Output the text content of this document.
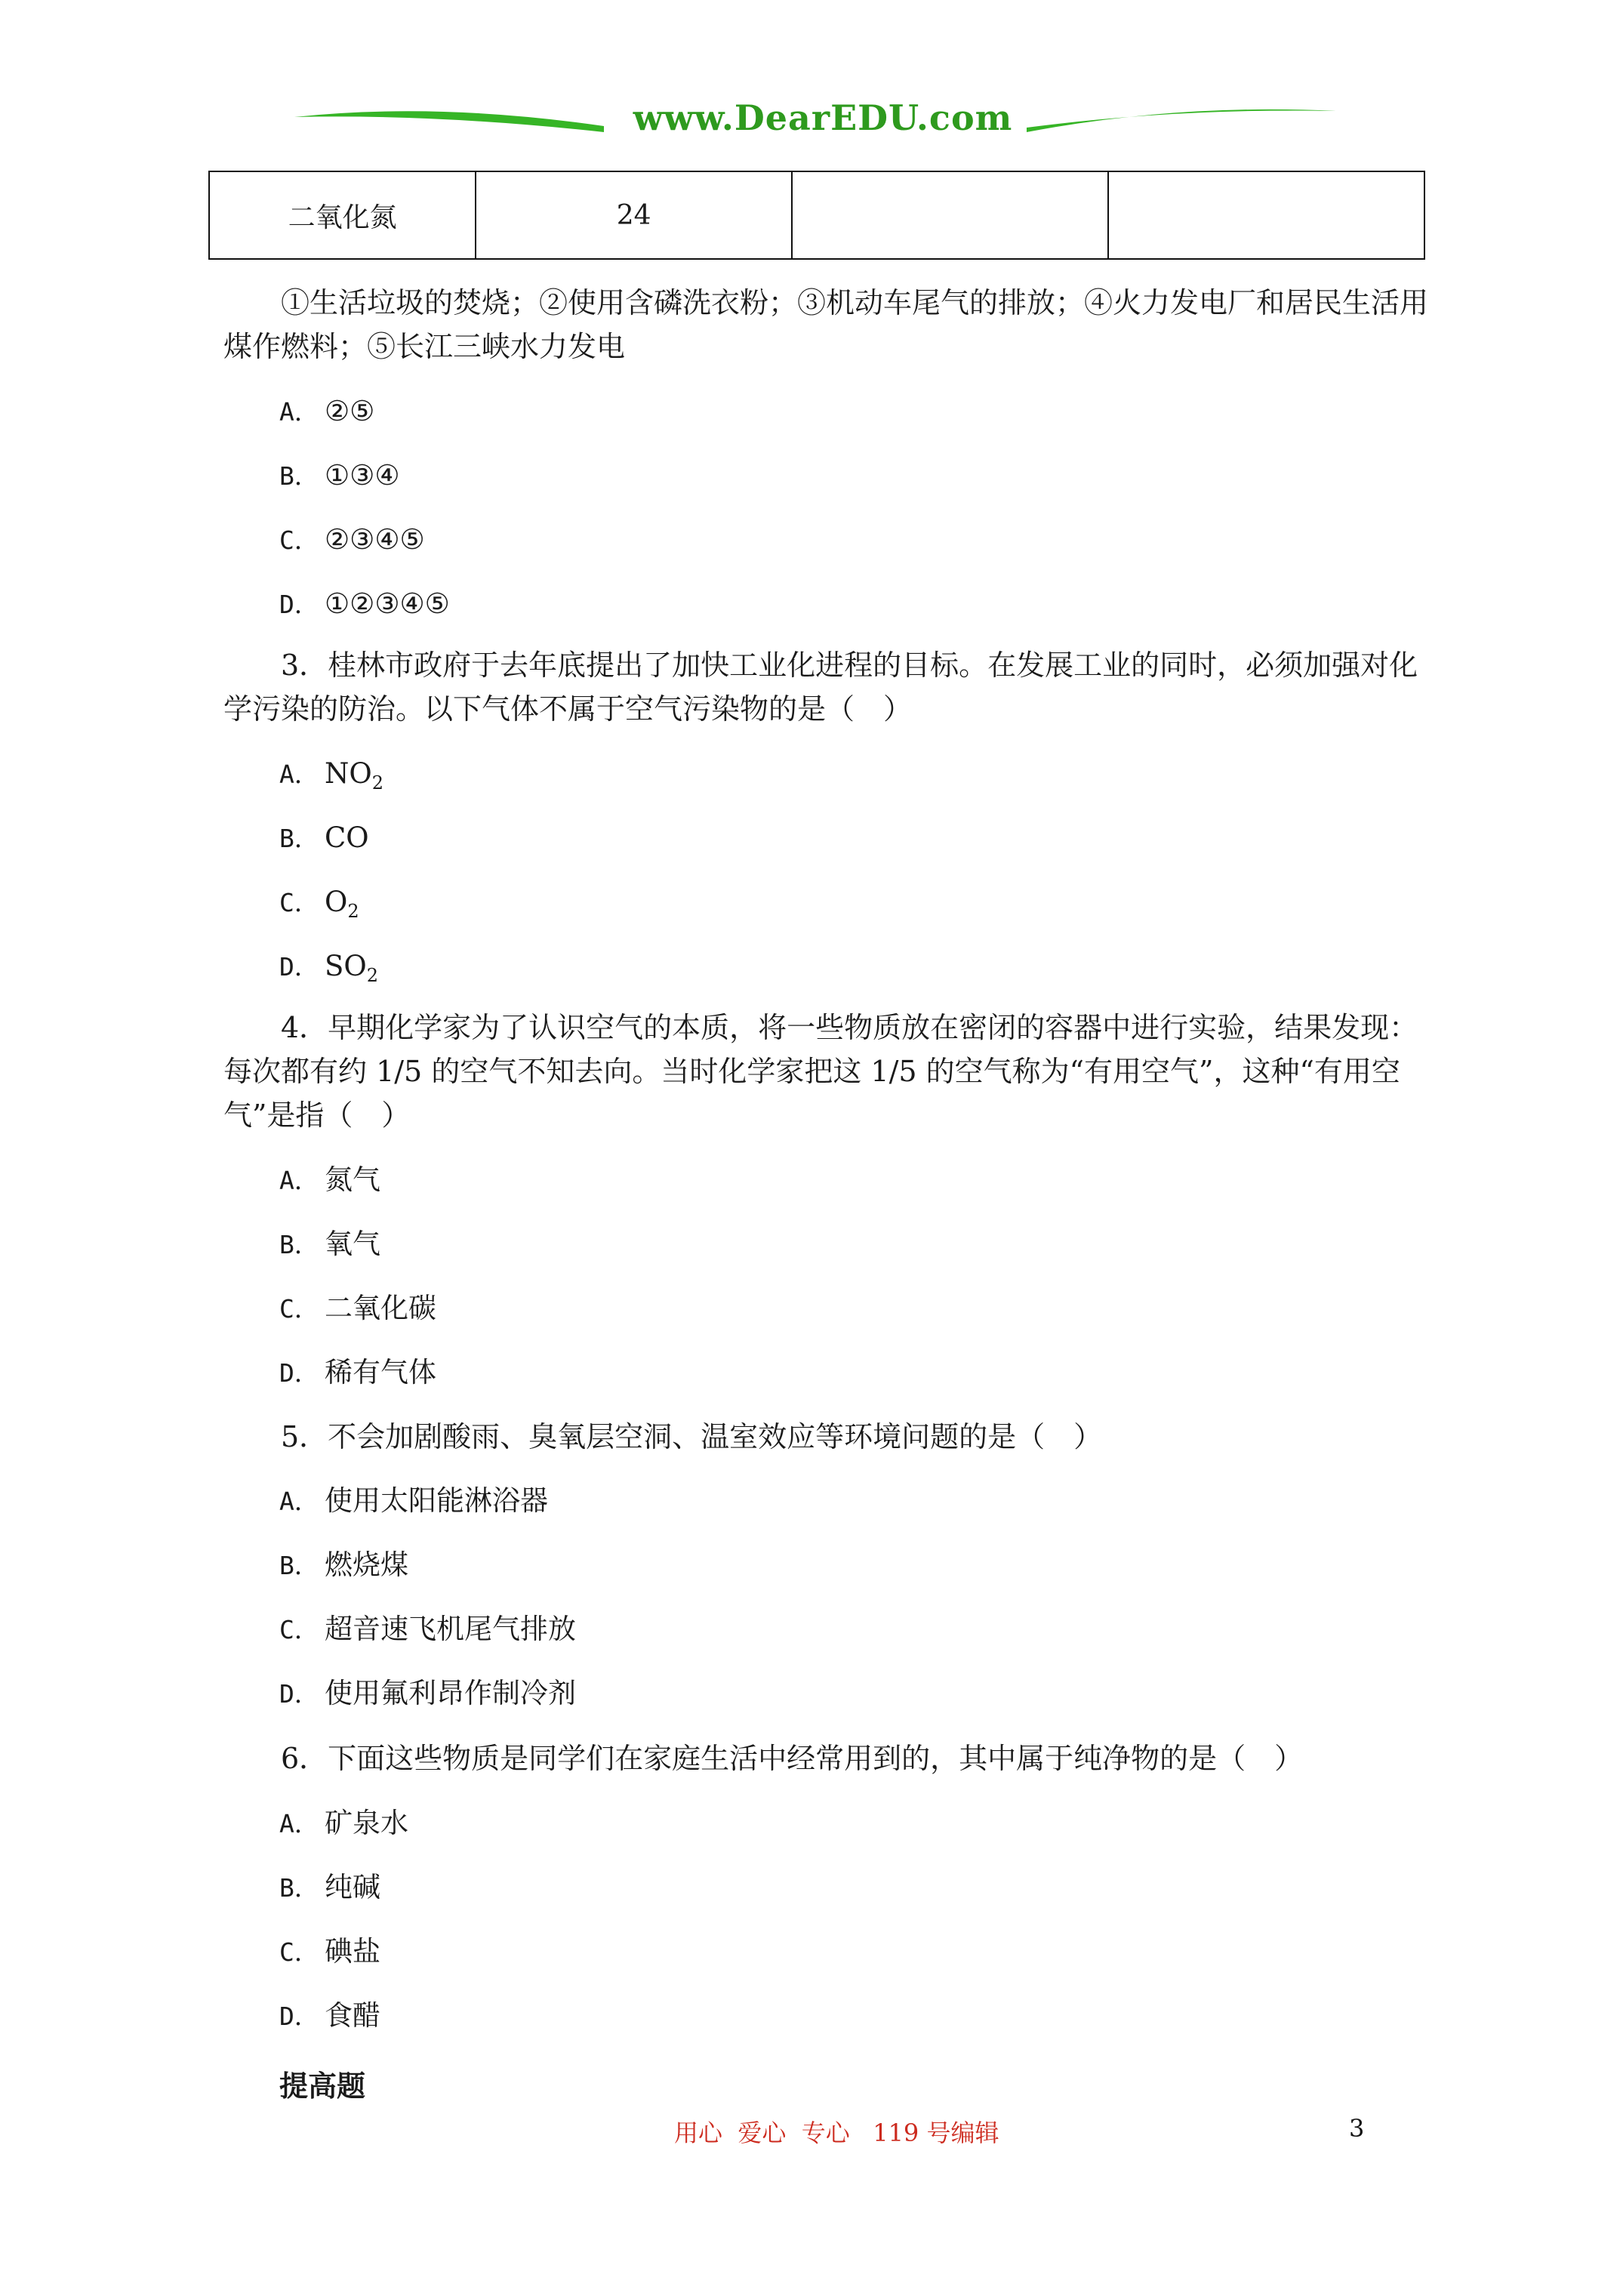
www.DearEDU.com
二氧化氮	24		

①生活垃圾的焚烧；②使用含磷洗衣粉；③机动车尾气的排放；④火力发电厂和居民生活用煤作燃料；⑤长江三峡水力发电

A． ②⑤
B． ①③④
C． ②③④⑤
D． ①②③④⑤

3．桂林市政府于去年底提出了加快工业化进程的目标。在发展工业的同时，必须加强对化学污染的防治。以下气体不属于空气污染物的是（　）

A． $NO_2$
B． CO
C． $O_2$
D． $SO_2$

4．早期化学家为了认识空气的本质，将一些物质放在密闭的容器中进行实验，结果发现：每次都有约 1/5 的空气不知去向。当时化学家把这 1/5 的空气称为“有用空气”，这种“有用空气”是指（　）

A． 氮气
B． 氧气
C． 二氧化碳
D． 稀有气体

5．不会加剧酸雨、臭氧层空洞、温室效应等环境问题的是（　）

A． 使用太阳能淋浴器
B． 燃烧煤
C． 超音速飞机尾气排放
D． 使用氟利昂作制冷剂

6．下面这些物质是同学们在家庭生活中经常用到的，其中属于纯净物的是（　）

A． 矿泉水
B． 纯碱
C． 碘盐
D． 食醋
提高题
用心  爱心  专心   119 号编辑	3
